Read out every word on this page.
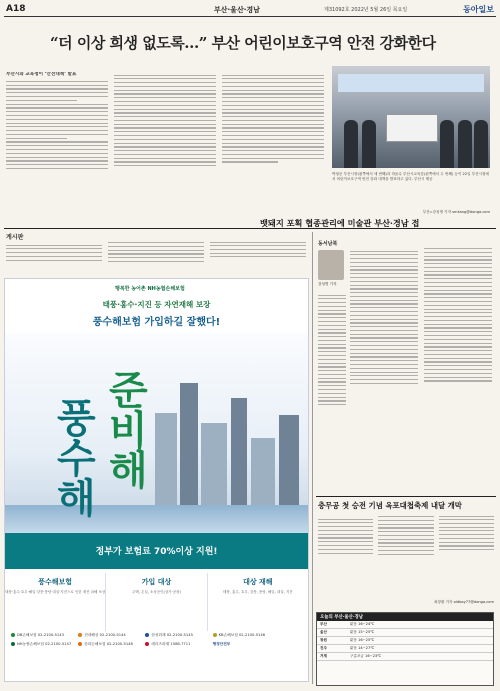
A18	부산·울산·경남	제31092호 2022년 5월 26일 목요일	동아일보
“더 이상 희생 없도록…” 부산 어린이보호구역 안전 강화한다
부산시와 교육청이 ‘안전대책’ 발표
박형준 부산시장(왼쪽에서 세 번째)과 하윤수 부산시교육감(왼쪽에서 두 번째) 등이 22일 부산시청에서 어린이보호구역 안전 강화 대책을 발표하고 있다. 부산시 제공
부산=강성명 기자 smkang@donga.com
게시판
행복한 농어촌 NH농협손해보험
태풍·홍수·지진 등 자연재해 보장
풍수해보험 가입하길 잘했다!
풍
수
해
준
비
해
정부가 보험료 70%이상 지원!
풍수해보험
태풍·홍수·호우·해일·강풍·풍랑·대설·지진으로 인한 재산 피해 보상
가입 대상
주택, 온실, 소상공인(상가·공장)
대상 재해
태풍, 홍수, 호우, 강풍, 풍랑, 해일, 대설, 지진
DB손해보험 02-2100-5143	현대해상 02-2100-5144	삼성화재 02-2100-5145	KB손해보험 02-2100-5146 NH농협손해보험 02-2100-5147	한화손해보험 02-2100-5148	메리츠화재 1588-7711	행정안전부
뱃돼지 포획 협종관리에 미술관 부산·경남 접
동서남북
강성명 기자
충무공 첫 승전 기념 옥포대첩축제 내달 개막
최창환 기자 oldbay77@donga.com
오늘의 부산·울산·경남
부산	맑음 16~24℃
울산	맑음 15~25℃
창원	맑음 16~25℃
진주	맑음 14~27℃
거제	구름조금 16~23℃
